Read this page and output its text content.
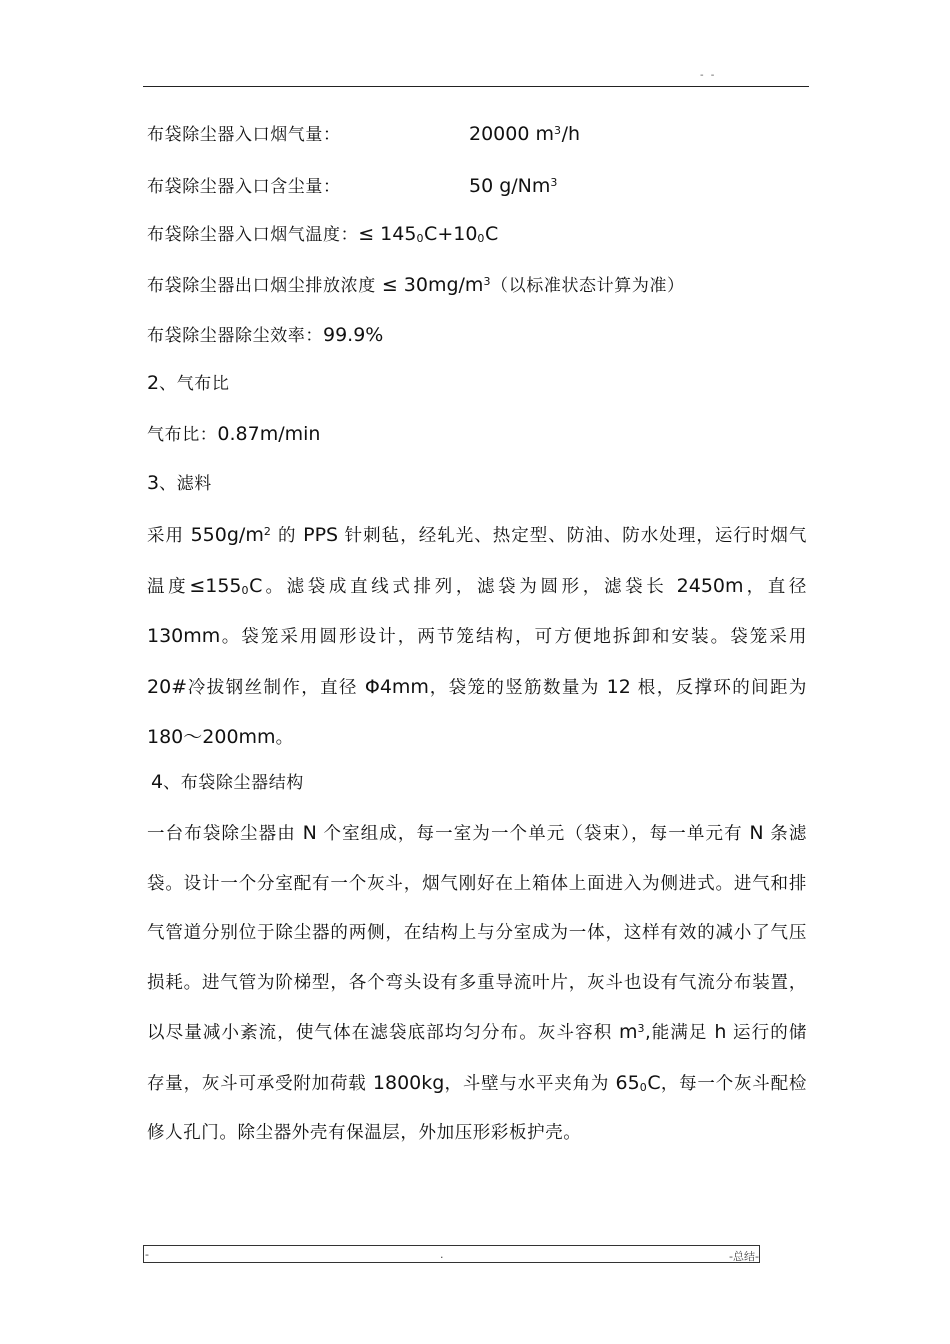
- -
布袋除尘器入口烟气量：	20000 $m^3/h$
布袋除尘器入口含尘量：	50 g/Nm$^3$
布袋除尘器入口烟气温度：≤ $145_0C+10_0C$
布袋除尘器出口烟尘排放浓度 ≤ $30mg/m^3$（以标准状态计算为准）
布袋除尘器除尘效率：99.9%
2、气布比
气布比：0.87m/min
3、滤料
采用 $550g/m^2$ 的 PPS 针刺毡，经轧光、热定型、防油、防水处理，运行时烟气温度$\le 155_0C$。滤袋成直线式排列，滤袋为圆形，滤袋长 2450m，直径 130mm。袋笼采用圆形设计，两节笼结构，可方便地拆卸和安装。袋笼采用 20#冷拔钢丝制作，直径 Φ4mm，袋笼的竖筋数量为 12 根，反撑环的间距为 180～200mm。
4、布袋除尘器结构
一台布袋除尘器由 N 个室组成，每一室为一个单元（袋束），每一单元有 N 条滤袋。设计一个分室配有一个灰斗，烟气刚好在上箱体上面进入为侧进式。进气和排气管道分别位于除尘器的两侧，在结构上与分室成为一体，这样有效的减小了气压损耗。进气管为阶梯型，各个弯头设有多重导流叶片，灰斗也设有气流分布装置，以尽量减小紊流，使气体在滤袋底部均匀分布。灰斗容积 $m^3$,能满足 h 运行的储存量，灰斗可承受附加荷载 1800kg，斗壁与水平夹角为 $65_0C$，每一个灰斗配检修人孔门。除尘器外壳有保温层，外加压形彩板护壳。
-	.	-总结-
